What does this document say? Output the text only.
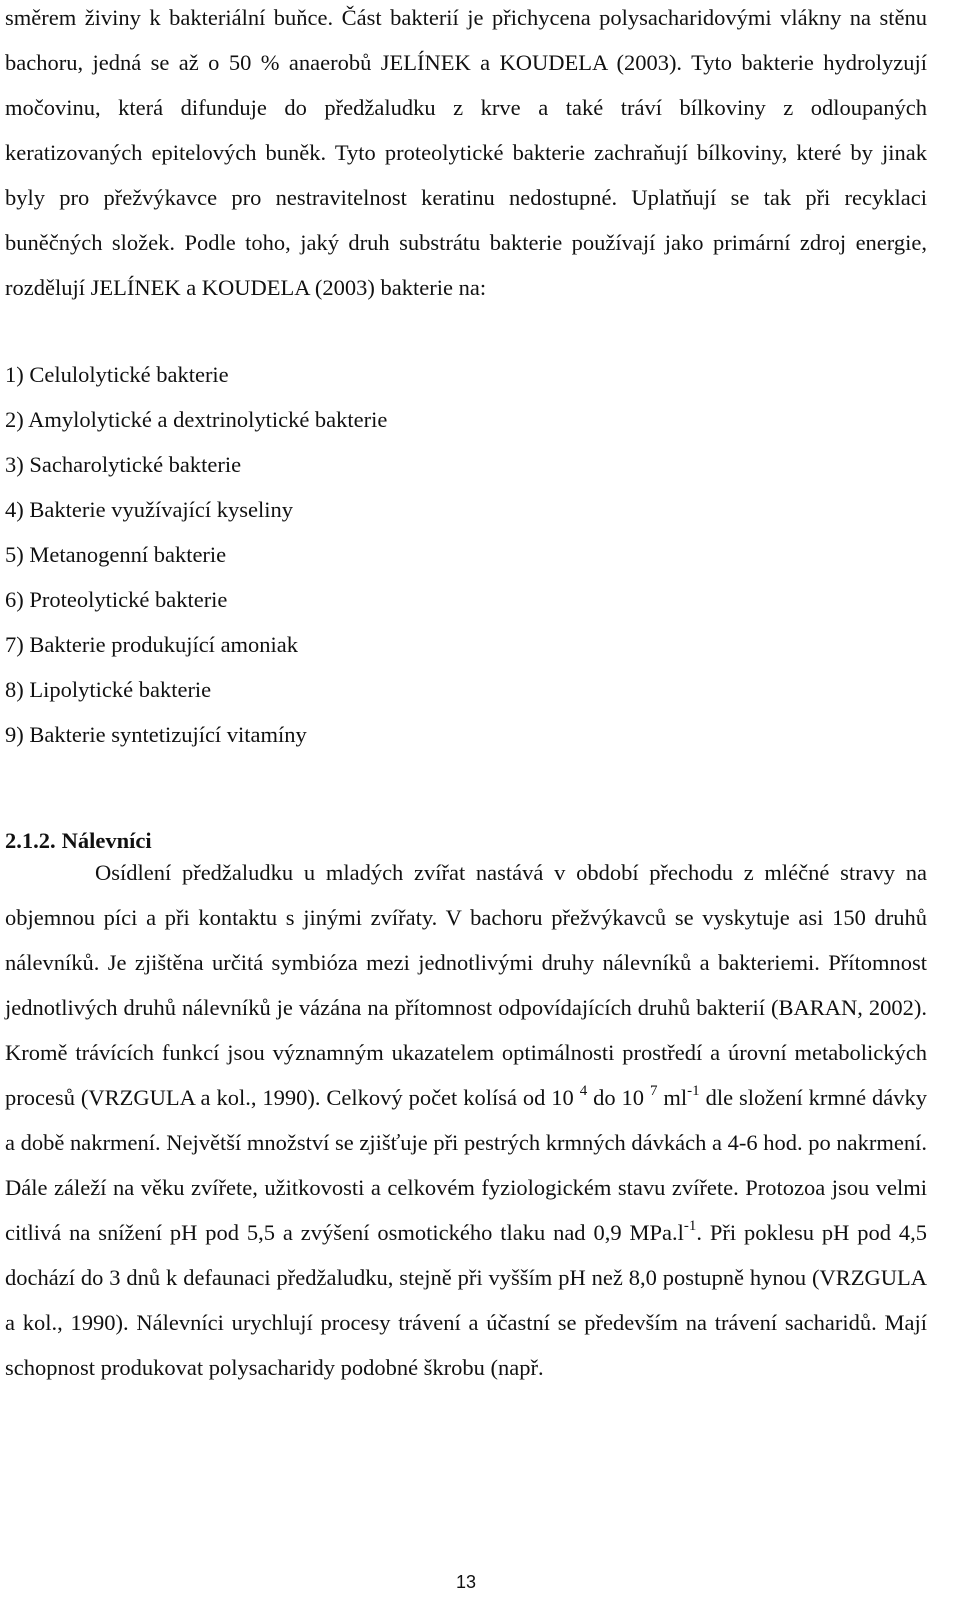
směrem živiny k bakteriální buňce. Část bakterií je přichycena polysacharidovými vlákny na stěnu bachoru, jedná se až o 50 % anaerobů JELÍNEK a KOUDELA (2003). Tyto bakterie hydrolyzují močovinu, která difunduje do předžaludku z krve a také tráví bílkoviny z odloupaných keratizovaných epitelových buněk. Tyto proteolytické bakterie zachraňují bílkoviny, které by jinak byly pro přežvýkavce pro nestravitelnost keratinu nedostupné. Uplatňují se tak při recyklaci buněčných složek. Podle toho, jaký druh substrátu bakterie používají jako primární zdroj energie, rozdělují JELÍNEK a KOUDELA (2003) bakterie na:

1) Celulolytické bakterie
2) Amylolytické a dextrinolytické bakterie
3) Sacharolytické bakterie
4) Bakterie využívající kyseliny
5) Metanogenní bakterie
6) Proteolytické bakterie
7) Bakterie produkující amoniak
8) Lipolytické bakterie
9) Bakterie syntetizující vitamíny
2.1.2. Nálevníci

Osídlení předžaludku u mladých zvířat nastává v období přechodu z mléčné stravy na objemnou píci a při kontaktu s jinými zvířaty. V bachoru přežvýkavců se vyskytuje asi 150 druhů nálevníků. Je zjištěna určitá symbióza mezi jednotlivými druhy nálevníků a bakteriemi. Přítomnost jednotlivých druhů nálevníků je vázána na přítomnost odpovídajících druhů bakterií (BARAN, 2002). Kromě trávících funkcí jsou významným ukazatelem optimálnosti prostředí a úrovní metabolických procesů (VRZGULA a kol., 1990). Celkový počet kolísá od 10 $^4$ do 10 $^7$ $ml^{-1}$ dle složení krmné dávky a době nakrmení. Největší množství se zjišťuje při pestrých krmných dávkách a 4-6 hod. po nakrmení. Dále záleží na věku zvířete, užitkovosti a celkovém fyziologickém stavu zvířete. Protozoa jsou velmi citlivá na snížení pH pod 5,5 a zvýšení osmotického tlaku nad 0,9 $MPa.l^{-1}$. Při poklesu pH pod 4,5 dochází do 3 dnů k defaunaci předžaludku, stejně při vyšším pH než 8,0 postupně hynou (VRZGULA a kol., 1990). Nálevníci urychlují procesy trávení a účastní se především na trávení sacharidů. Mají schopnost produkovat polysacharidy podobné škrobu (např.

13
